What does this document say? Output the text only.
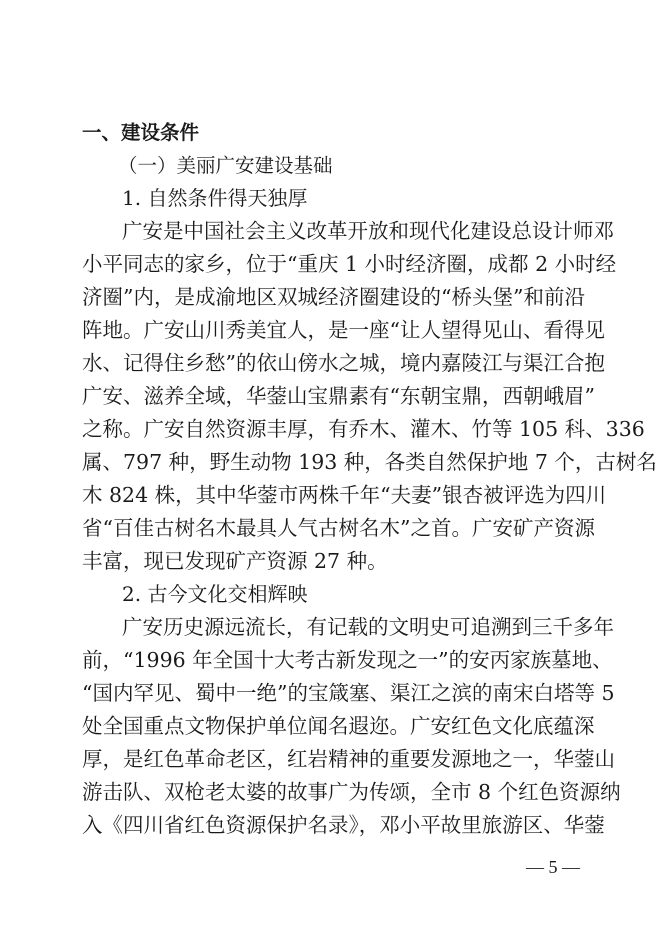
一、建设条件
（一）美丽广安建设基础
1. 自然条件得天独厚
广安是中国社会主义改革开放和现代化建设总设计师邓
小平同志的家乡，位于“重庆 1 小时经济圈，成都 2 小时经
济圈”内，是成渝地区双城经济圈建设的“桥头堡”和前沿
阵地。广安山川秀美宜人，是一座“让人望得见山、看得见
水、记得住乡愁”的依山傍水之城，境内嘉陵江与渠江合抱
广安、滋养全域，华蓥山宝鼎素有“东朝宝鼎，西朝峨眉”
之称。广安自然资源丰厚，有乔木、灌木、竹等 105 科、336
属、797 种，野生动物 193 种，各类自然保护地 7 个，古树名
木 824 株，其中华蓥市两株千年“夫妻”银杏被评选为四川
省“百佳古树名木最具人气古树名木”之首。广安矿产资源
丰富，现已发现矿产资源 27 种。
2. 古今文化交相辉映
广安历史源远流长，有记载的文明史可追溯到三千多年
前，“1996 年全国十大考古新发现之一”的安丙家族墓地、
“国内罕见、蜀中一绝”的宝箴塞、渠江之滨的南宋白塔等 5
处全国重点文物保护单位闻名遐迩。广安红色文化底蕴深
厚，是红色革命老区，红岩精神的重要发源地之一，华蓥山
游击队、双枪老太婆的故事广为传颂，全市 8 个红色资源纳
入《四川省红色资源保护名录》，邓小平故里旅游区、华蓥
— 5 —
